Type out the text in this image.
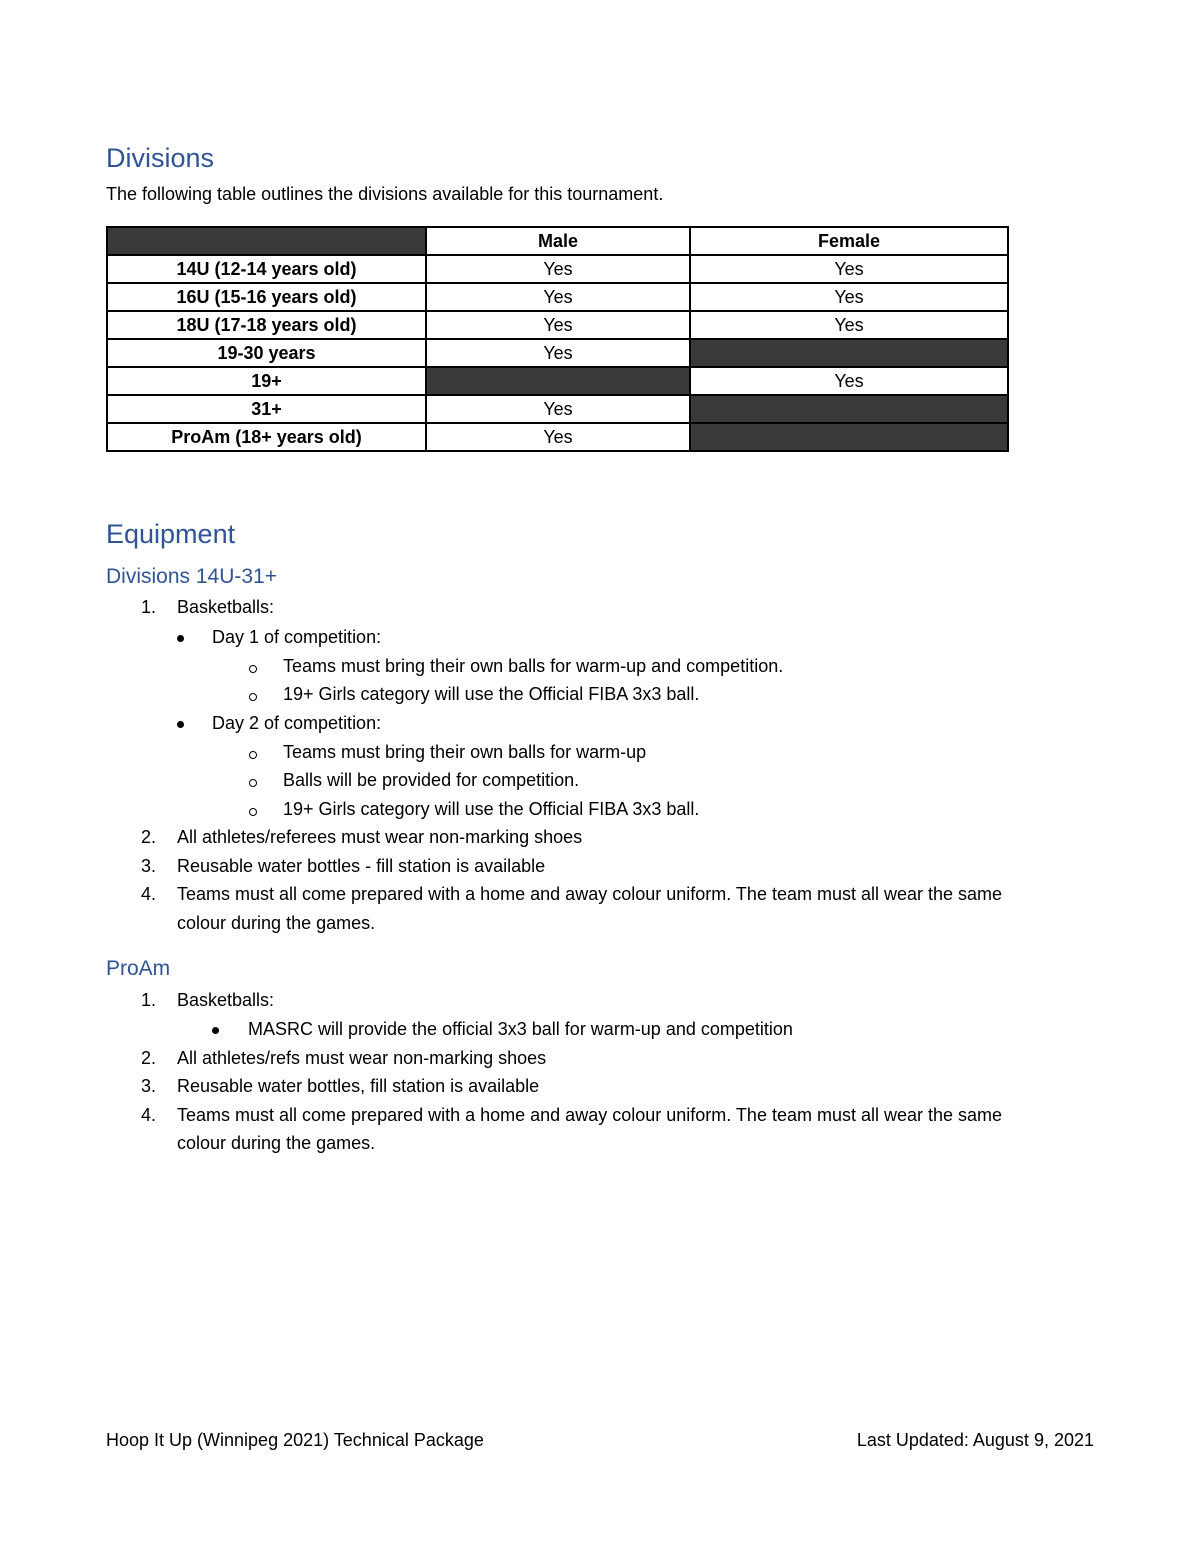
Divisions
The following table outlines the divisions available for this tournament.
	Male	Female
14U (12-14 years old)	Yes	Yes
16U (15-16 years old)	Yes	Yes
18U (17-18 years old)	Yes	Yes
19-30 years	Yes	
19+		Yes
31+	Yes	
ProAm (18+ years old)	Yes	
Equipment
Divisions 14U-31+
1. Basketballs:
Day 1 of competition:
Teams must bring their own balls for warm-up and competition.
19+ Girls category will use the Official FIBA 3x3 ball.
Day 2 of competition:
Teams must bring their own balls for warm-up
Balls will be provided for competition.
19+ Girls category will use the Official FIBA 3x3 ball.
2. All athletes/referees must wear non-marking shoes
3. Reusable water bottles - fill station is available
4. Teams must all come prepared with a home and away colour uniform. The team must all wear the same
colour during the games.
ProAm
1. Basketballs:
MASRC will provide the official 3x3 ball for warm-up and competition
2. All athletes/refs must wear non-marking shoes
3. Reusable water bottles, fill station is available
4. Teams must all come prepared with a home and away colour uniform. The team must all wear the same
colour during the games.
Hoop It Up (Winnipeg 2021) Technical Package	Last Updated: August 9, 2021
